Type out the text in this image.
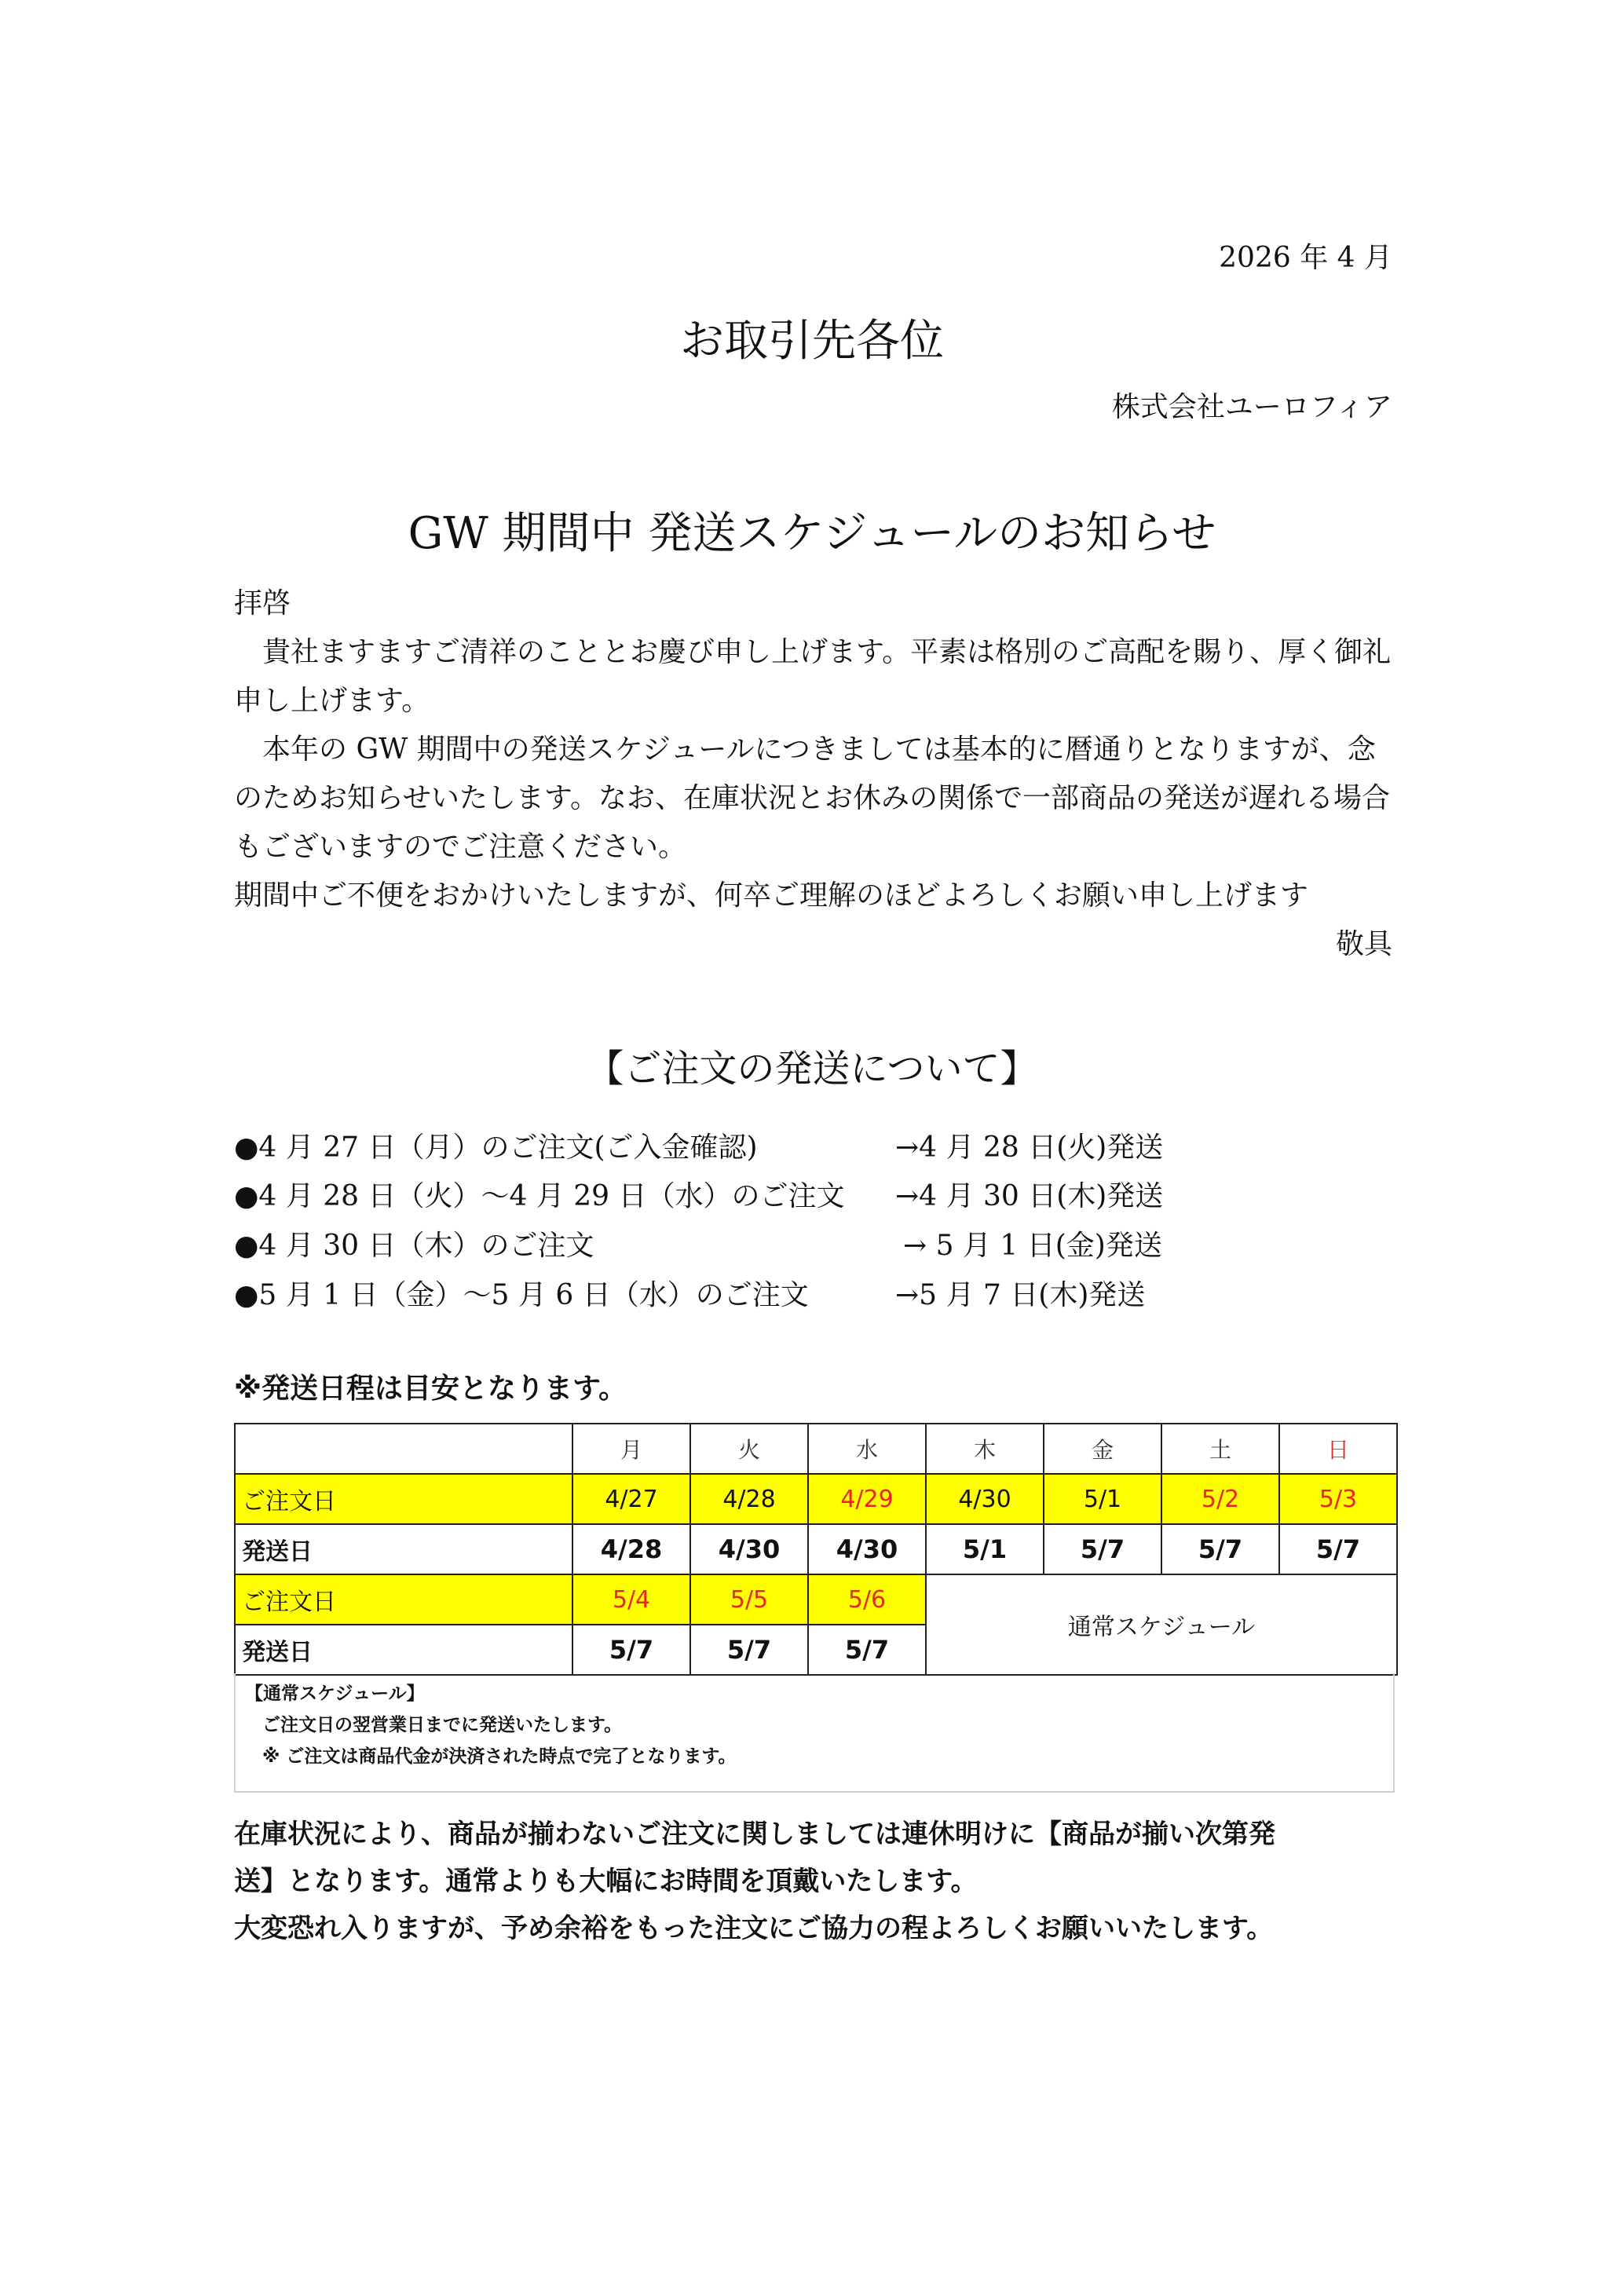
2026 年 4 月
お取引先各位
株式会社ユーロフィア
GW 期間中 発送スケジュールのお知らせ

拝啓

　貴社ますますご清祥のこととお慶び申し上げます。平素は格別のご高配を賜り、厚く御礼

申し上げます。

　本年の GW 期間中の発送スケジュールにつきましては基本的に暦通りとなりますが、念

のためお知らせいたします。なお、在庫状況とお休みの関係で一部商品の発送が遅れる場合

もございますのでご注意ください。

期間中ご不便をおかけいたしますが、何卒ご理解のほどよろしくお願い申し上げます

敬具
【ご注文の発送について】
●4 月 27 日（月）のご注文(ご入金確認)	→4 月 28 日(火)発送
●4 月 28 日（火）～4 月 29 日（水）のご注文 →4 月 30 日(木)発送
●4 月 30 日（木）のご注文	→ 5 月 1 日(金)発送
●5 月 1 日（金）～5 月 6 日（水）のご注文	→5 月 7 日(木)発送
※発送日程は目安となります。
	月	火	水	木	金	土	日
ご注文日	4/27	4/28	4/29	4/30	5/1	5/2	5/3
発送日	4/28	4/30	4/30	5/1	5/7	5/7	5/7
ご注文日	5/4	5/5	5/6	通常スケジュール			
発送日	5/7	5/7	5/7				
【通常スケジュール】
ご注文日の翌営業日までに発送いたします。
※ ご注文は商品代金が決済された時点で完了となります。

在庫状況により、商品が揃わないご注文に関しましては連休明けに【商品が揃い次第発

送】となります。通常よりも大幅にお時間を頂戴いたします。

大変恐れ入りますが、予め余裕をもった注文にご協力の程よろしくお願いいたします。
